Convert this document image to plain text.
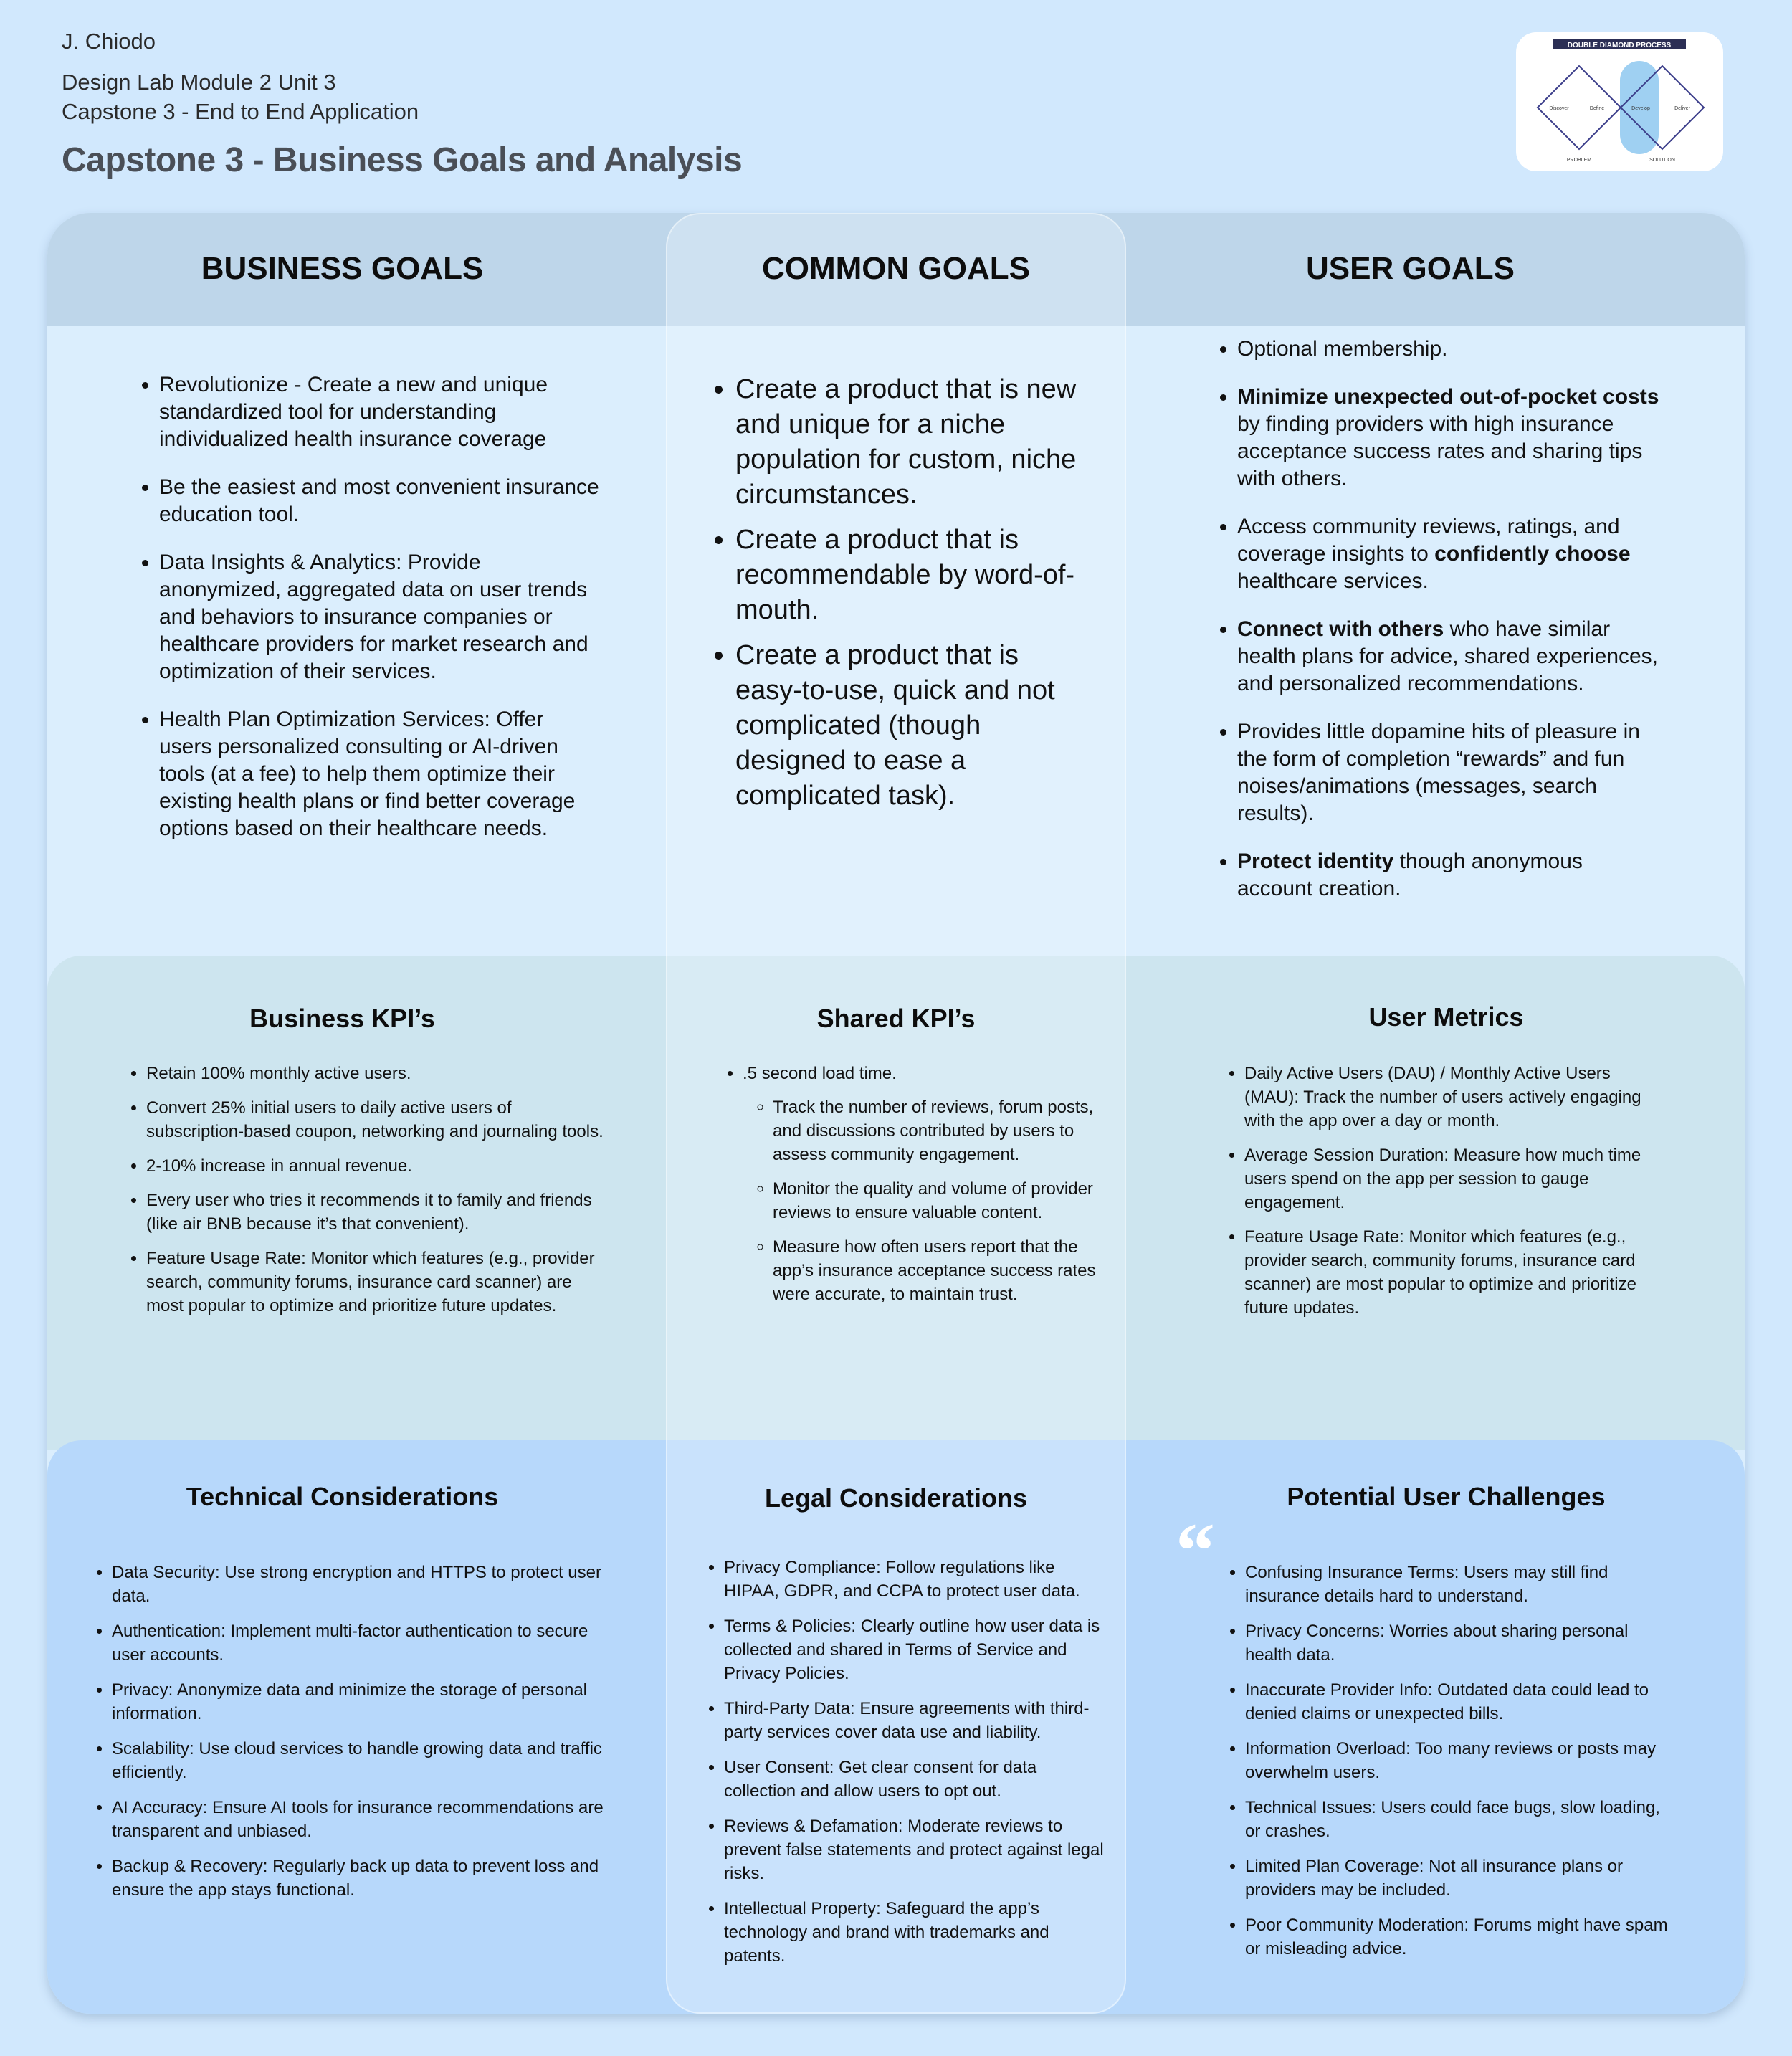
J. Chiodo
Design Lab Module 2 Unit 3
Capstone 3 - End to End Application
Capstone 3 - Business Goals and Analysis
DOUBLE DIAMOND PROCESS
Discover	Define	Develop	Deliver
PROBLEM	SOLUTION
BUSINESS GOALS	COMMON GOALS	USER GOALS
• Revolutionize - Create a new and unique standardized tool for understanding individualized health insurance coverage
• Be the easiest and most convenient insurance education tool.
• Data Insights & Analytics: Provide anonymized, aggregated data on user trends and behaviors to insurance companies or healthcare providers for market research and optimization of their services.
• Health Plan Optimization Services: Offer users personalized consulting or AI-driven tools (at a fee) to help them optimize their existing health plans or find better coverage options based on their healthcare needs.
• Create a product that is new and unique for a niche population for custom, niche circumstances.
• Create a product that is recommendable by word-of-mouth.
• Create a product that is easy-to-use, quick and not complicated (though designed to ease a complicated task).
• Optional membership.
• Minimize unexpected out-of-pocket costs by finding providers with high insurance acceptance success rates and sharing tips with others.
• Access community reviews, ratings, and coverage insights to confidently choose healthcare services.
• Connect with others who have similar health plans for advice, shared experiences, and personalized recommendations.
• Provides little dopamine hits of pleasure in the form of completion “rewards” and fun noises/animations (messages, search results).
• Protect identity though anonymous account creation.
Business KPI’s	Shared KPI’s	User Metrics
• Retain 100% monthly active users.
• Convert 25% initial users to daily active users of subscription-based coupon, networking and journaling tools.
• 2-10% increase in annual revenue.
• Every user who tries it recommends it to family and friends (like air BNB because it’s that convenient).
• Feature Usage Rate: Monitor which features (e.g., provider search, community forums, insurance card scanner) are most popular to optimize and prioritize future updates.
• .5 second load time.
◦ Track the number of reviews, forum posts, and discussions contributed by users to assess community engagement.
◦ Monitor the quality and volume of provider reviews to ensure valuable content.
◦ Measure how often users report that the app’s insurance acceptance success rates were accurate, to maintain trust.
• Daily Active Users (DAU) / Monthly Active Users (MAU): Track the number of users actively engaging with the app over a day or month.
• Average Session Duration: Measure how much time users spend on the app per session to gauge engagement.
• Feature Usage Rate: Monitor which features (e.g., provider search, community forums, insurance card scanner) are most popular to optimize and prioritize future updates.
Technical Considerations	Legal Considerations	Potential User Challenges
• Data Security: Use strong encryption and HTTPS to protect user data.
• Authentication: Implement multi-factor authentication to secure user accounts.
• Privacy: Anonymize data and minimize the storage of personal information.
• Scalability: Use cloud services to handle growing data and traffic efficiently.
• AI Accuracy: Ensure AI tools for insurance recommendations are transparent and unbiased.
• Backup & Recovery: Regularly back up data to prevent loss and ensure the app stays functional.
• Privacy Compliance: Follow regulations like HIPAA, GDPR, and CCPA to protect user data.
• Terms & Policies: Clearly outline how user data is collected and shared in Terms of Service and Privacy Policies.
• Third-Party Data: Ensure agreements with third-party services cover data use and liability.
• User Consent: Get clear consent for data collection and allow users to opt out.
• Reviews & Defamation: Moderate reviews to prevent false statements and protect against legal risks.
• Intellectual Property: Safeguard the app’s technology and brand with trademarks and patents.
“
• Confusing Insurance Terms: Users may still find insurance details hard to understand.
• Privacy Concerns: Worries about sharing personal health data.
• Inaccurate Provider Info: Outdated data could lead to denied claims or unexpected bills.
• Information Overload: Too many reviews or posts may overwhelm users.
• Technical Issues: Users could face bugs, slow loading, or crashes.
• Limited Plan Coverage: Not all insurance plans or providers may be included.
• Poor Community Moderation: Forums might have spam or misleading advice.
